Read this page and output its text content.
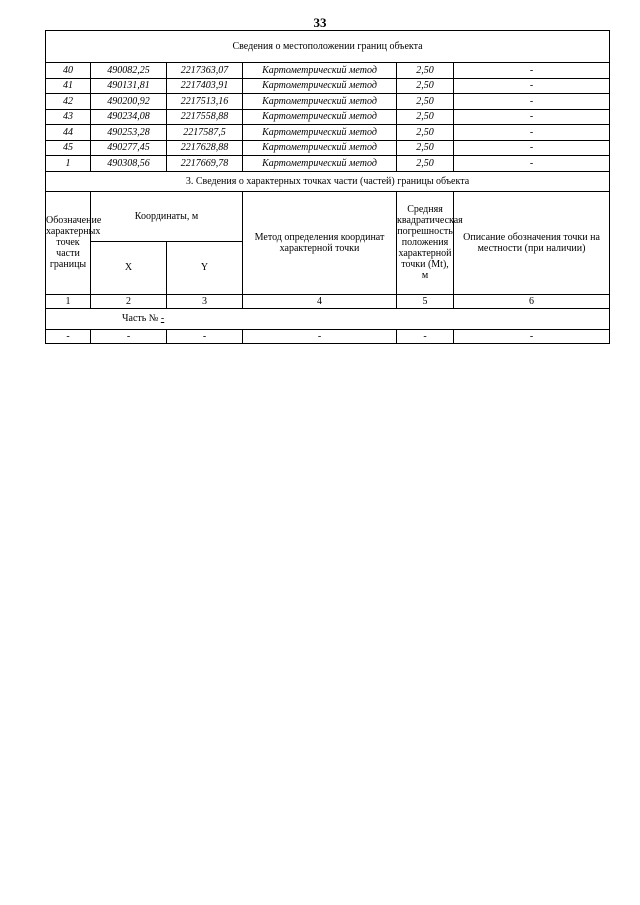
33
Сведения о местоположении границ объекта					
40	490082,25	2217363,07	Картометрический метод	2,50	-
41	490131,81	2217403,91	Картометрический метод	2,50	-
42	490200,92	2217513,16	Картометрический метод	2,50	-
43	490234,08	2217558,88	Картометрический метод	2,50	-
44	490253,28	2217587,5	Картометрический метод	2,50	-
45	490277,45	2217628,88	Картометрический метод	2,50	-
1	490308,56	2217669,78	Картометрический метод	2,50	-
3. Сведения о характерных точках части (частей) границы объекта					
Обозначение характерных точек части границы	Координаты, м		Метод определения координат характерной точки	Средняя квадратическая погрешность положения характерной точки (Mt), м	Описание обозначения точки на местности (при наличии)
	X	Y			
1	2	3	4	5	6
Часть № -					
-	-	-	-	-	-
